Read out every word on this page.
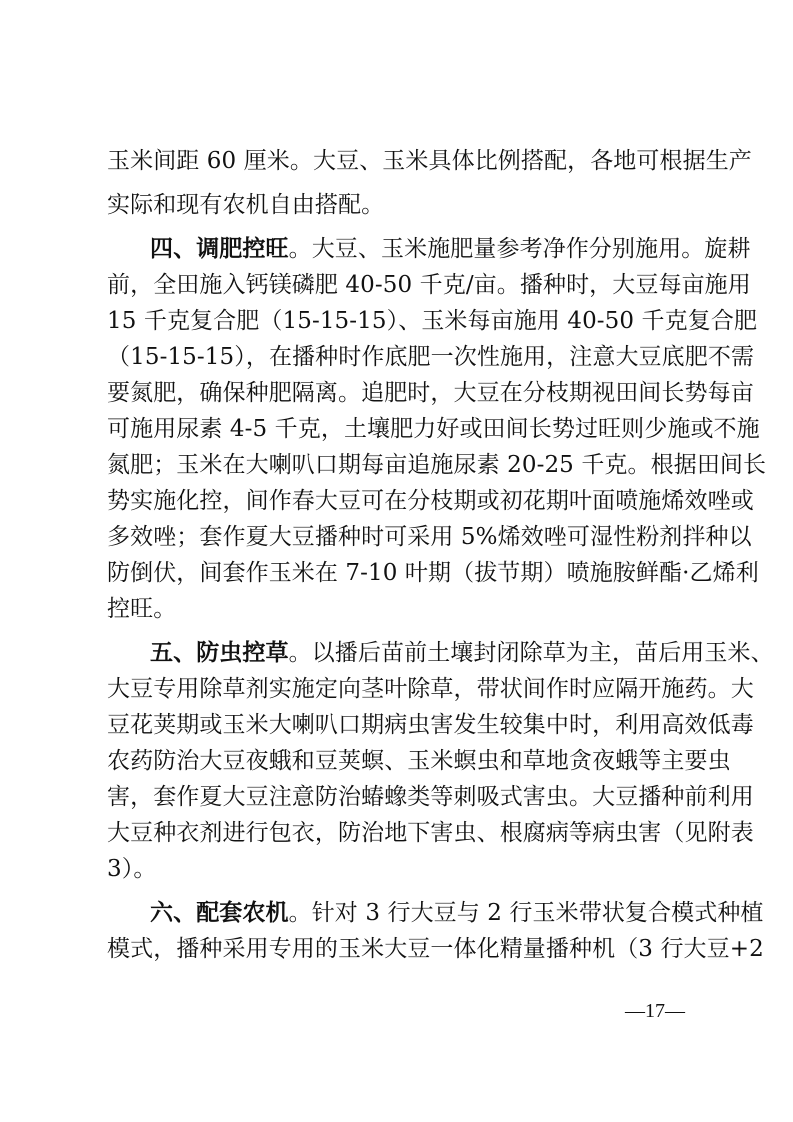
玉米间距 60 厘米。大豆、玉米具体比例搭配，各地可根据生产
实际和现有农机自由搭配。
四、调肥控旺。大豆、玉米施肥量参考净作分别施用。旋耕
前，全田施入钙镁磷肥 40-50 千克/亩。播种时，大豆每亩施用
15 千克复合肥（15-15-15）、玉米每亩施用 40-50 千克复合肥
（15-15-15），在播种时作底肥一次性施用，注意大豆底肥不需
要氮肥，确保种肥隔离。追肥时，大豆在分枝期视田间长势每亩
可施用尿素 4-5 千克，土壤肥力好或田间长势过旺则少施或不施
氮肥；玉米在大喇叭口期每亩追施尿素 20-25 千克。根据田间长
势实施化控，间作春大豆可在分枝期或初花期叶面喷施烯效唑或
多效唑；套作夏大豆播种时可采用 5%烯效唑可湿性粉剂拌种以
防倒伏，间套作玉米在 7-10 叶期（拔节期）喷施胺鲜酯·乙烯利
控旺。
五、防虫控草。以播后苗前土壤封闭除草为主，苗后用玉米、
大豆专用除草剂实施定向茎叶除草，带状间作时应隔开施药。大
豆花荚期或玉米大喇叭口期病虫害发生较集中时，利用高效低毒
农药防治大豆夜蛾和豆荚螟、玉米螟虫和草地贪夜蛾等主要虫
害，套作夏大豆注意防治蝽蟓类等刺吸式害虫。大豆播种前利用
大豆种衣剂进行包衣，防治地下害虫、根腐病等病虫害（见附表
3）。
六、配套农机。针对 3 行大豆与 2 行玉米带状复合模式种植
模式，播种采用专用的玉米大豆一体化精量播种机（3 行大豆+2
—17—
